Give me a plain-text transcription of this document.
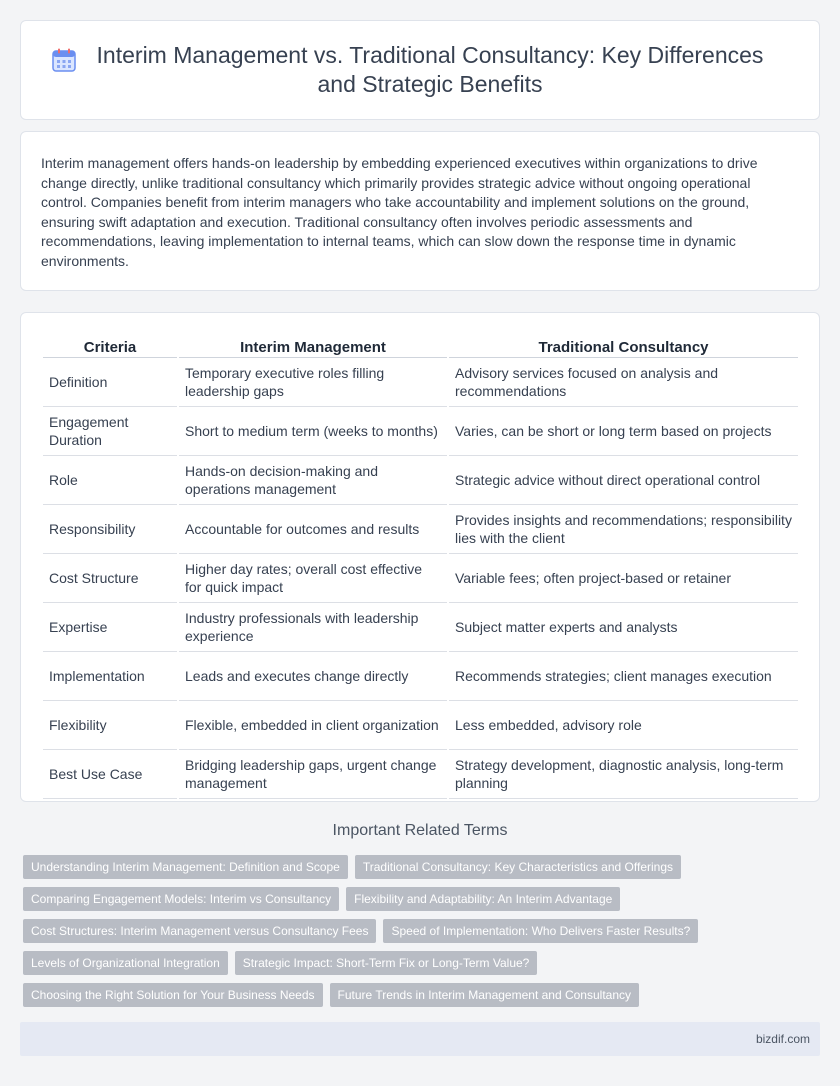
Interim Management vs. Traditional Consultancy: Key Differences and Strategic Benefits

Interim management offers hands-on leadership by embedding experienced executives within organizations to drive change directly, unlike traditional consultancy which primarily provides strategic advice without ongoing operational control. Companies benefit from interim managers who take accountability and implement solutions on the ground, ensuring swift adaptation and execution. Traditional consultancy often involves periodic assessments and recommendations, leaving implementation to internal teams, which can slow down the response time in dynamic environments.

Criteria	Interim Management	Traditional Consultancy
Definition	Temporary executive roles filling leadership gaps	Advisory services focused on analysis and recommendations
Engagement Duration	Short to medium term (weeks to months)	Varies, can be short or long term based on projects
Role	Hands-on decision-making and operations management	Strategic advice without direct operational control
Responsibility	Accountable for outcomes and results	Provides insights and recommendations; responsibility lies with the client
Cost Structure	Higher day rates; overall cost effective for quick impact	Variable fees; often project-based or retainer
Expertise	Industry professionals with leadership experience	Subject matter experts and analysts
Implementation	Leads and executes change directly	Recommends strategies; client manages execution
Flexibility	Flexible, embedded in client organization	Less embedded, advisory role
Best Use Case	Bridging leadership gaps, urgent change management	Strategy development, diagnostic analysis, long-term planning
Important Related Terms
Understanding Interim Management: Definition and Scope	Traditional Consultancy: Key Characteristics and Offerings
Comparing Engagement Models: Interim vs Consultancy	Flexibility and Adaptability: An Interim Advantage
Cost Structures: Interim Management versus Consultancy Fees	Speed of Implementation: Who Delivers Faster Results?
Levels of Organizational Integration	Strategic Impact: Short-Term Fix or Long-Term Value?
Choosing the Right Solution for Your Business Needs	Future Trends in Interim Management and Consultancy
bizdif.com
